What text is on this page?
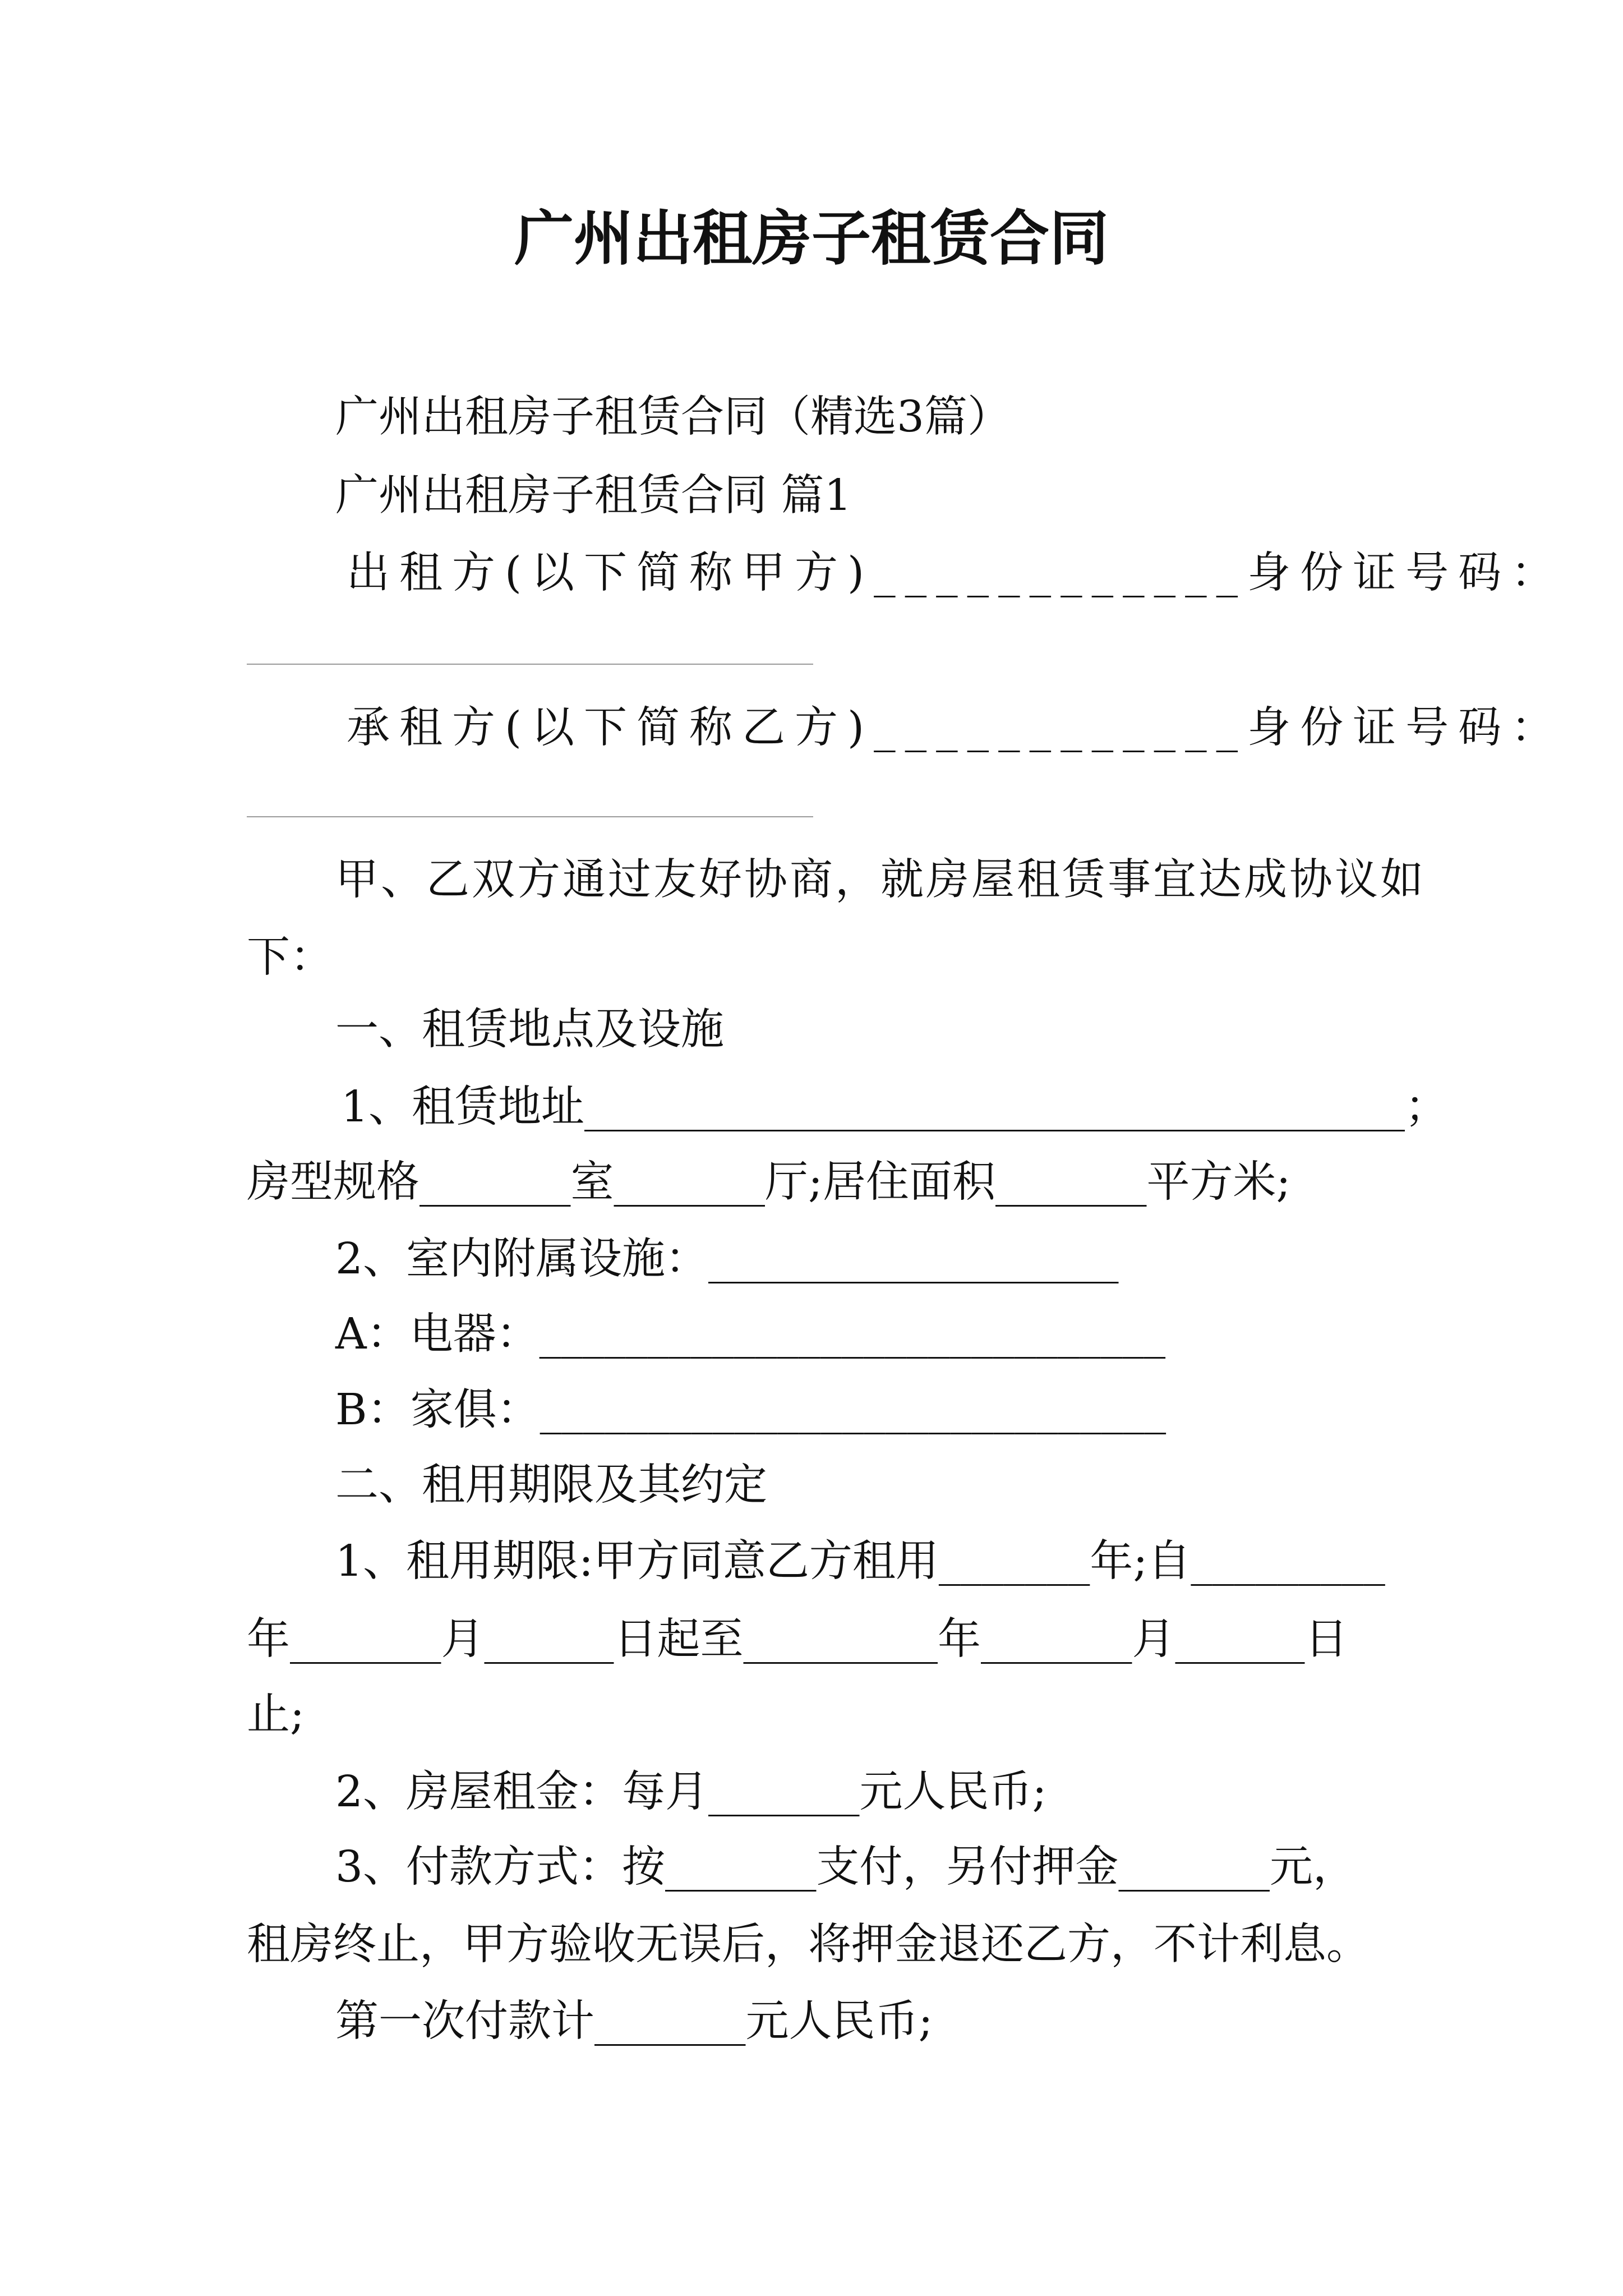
广州出租房子租赁合同
广州出租房子租赁合同（精选3篇）
广州出租房子租赁合同 篇1
出租方(以下简称甲方)____________身份证号码：
承租方(以下简称乙方)____________身份证号码：
甲、乙双方通过友好协商，就房屋租赁事宜达成协议如
下：
一、租赁地点及设施
1、租赁地址______________________________________；
房型规格_______室_______厅;居住面积_______平方米;
2、室内附属设施：___________________
A：电器：_____________________________
B：家俱：_____________________________
二、租用期限及其约定
1、租用期限:甲方同意乙方租用_______年;自_________
年_______月______日起至_________年_______月______日
止;
2、房屋租金：每月_______元人民币;
3、付款方式：按_______支付，另付押金_______元，
租房终止，甲方验收无误后，将押金退还乙方，不计利息。
第一次付款计_______元人民币;
